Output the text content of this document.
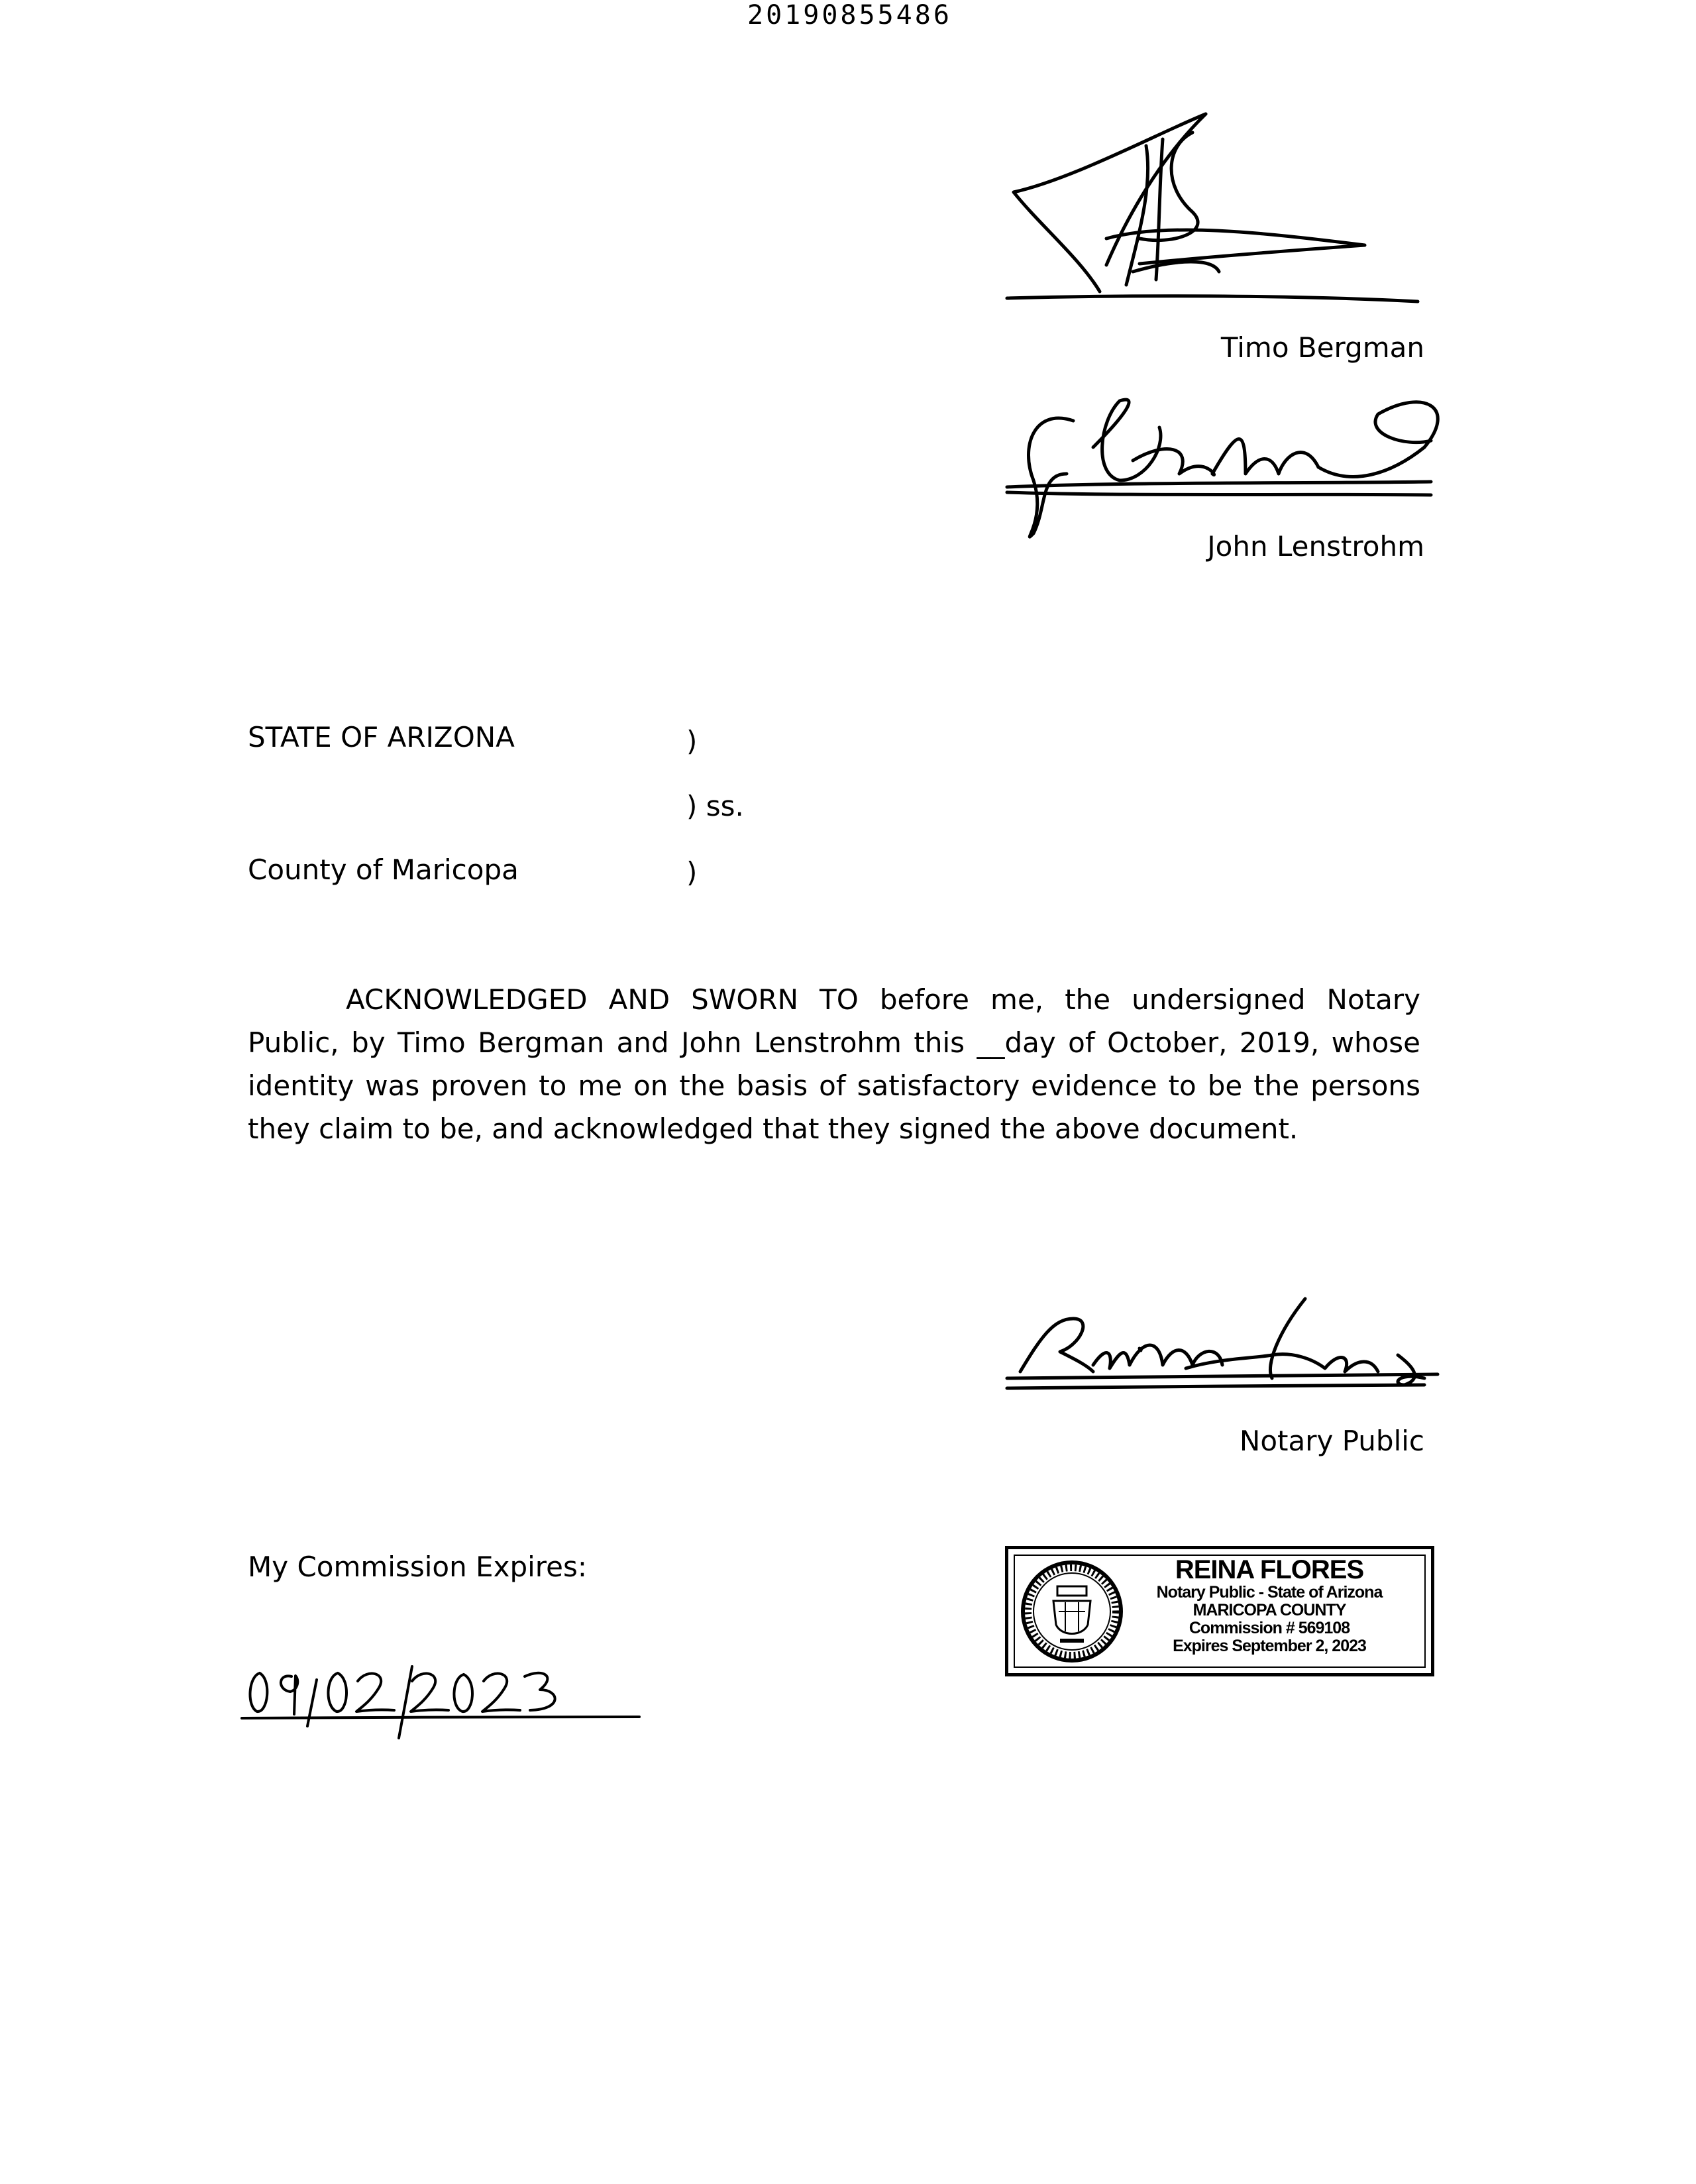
20190855486
Timo Bergman
John Lenstrohm
STATE OF ARIZONA	)
) ss.
County of Maricopa	)

ACKNOWLEDGED AND SWORN TO before me, the undersigned Notary Public, by Timo Bergman and John Lenstrohm this __day of October, 2019, whose identity was proven to me on the basis of satisfactory evidence to be the persons they claim to be, and acknowledged that they signed the above document.

Notary Public
My Commission Expires:	REINA FLORES
Notary Public - State of Arizona
MARICOPA COUNTY
Commission # 569108
Expires September 2, 2023
